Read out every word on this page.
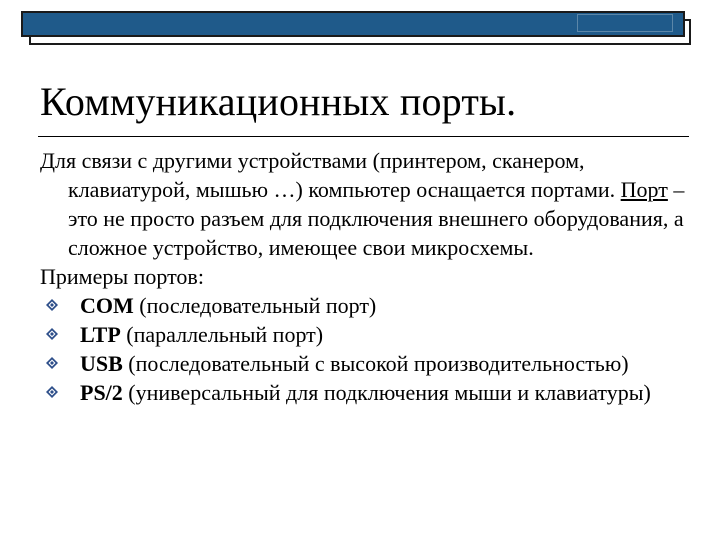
Коммуникационных порты.

Для связи с другими устройствами (принтером, сканером, клавиатурой, мышью …) компьютер оснащается портами. Порт – это не просто разъем для подключения внешнего оборудования, а сложное устройство, имеющее свои микросхемы.

Примеры портов:

COM (последовательный порт)
LTP (параллельный порт)
USB (последовательный с высокой производительностью)
PS/2 (универсальный для подключения мыши и клавиатуры)
